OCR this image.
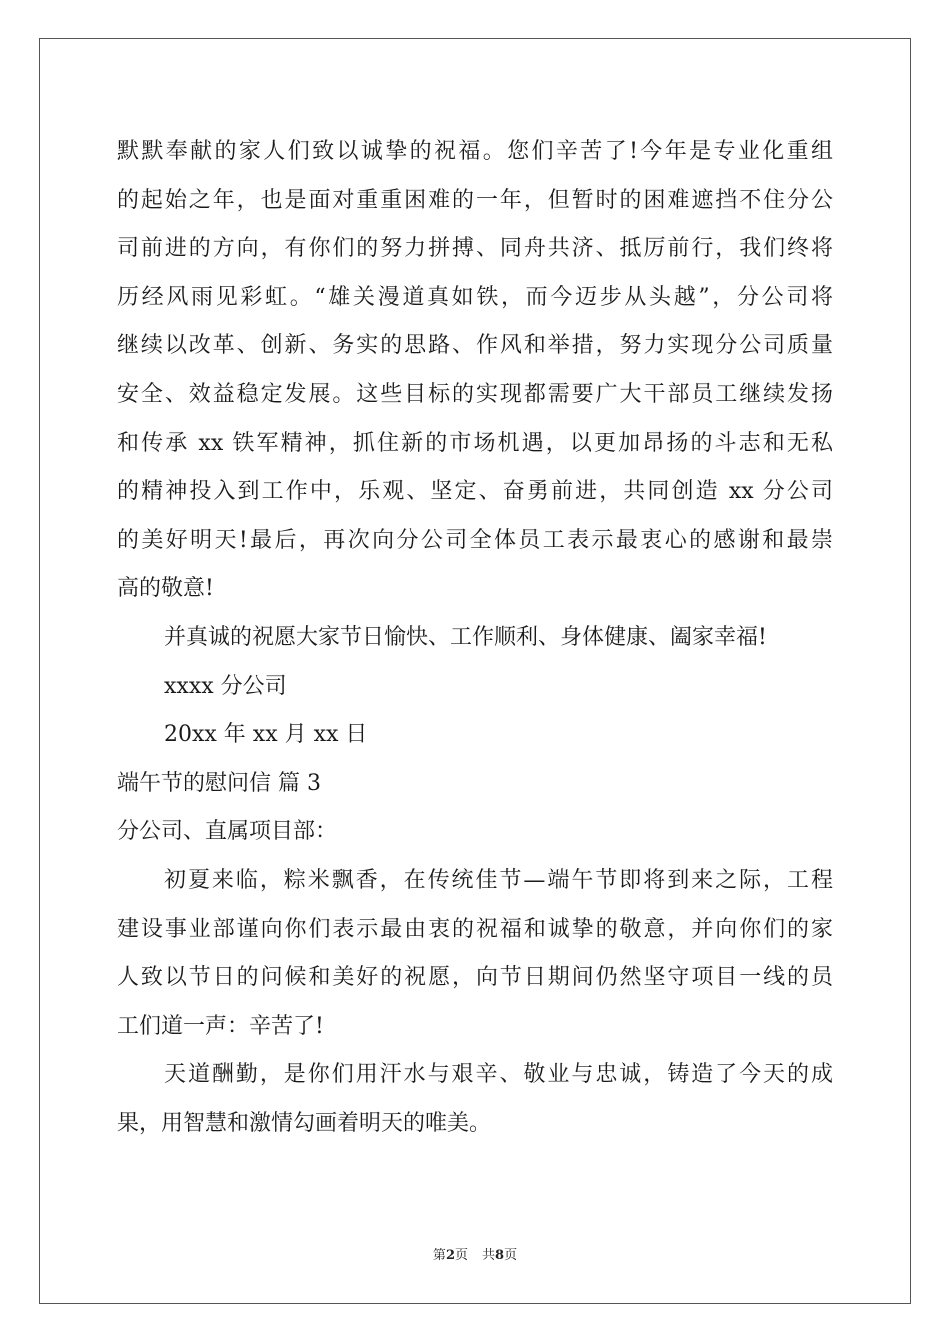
默默奉献的家人们致以诚挚的祝福。您们辛苦了!今年是专业化重组
的起始之年，也是面对重重困难的一年，但暂时的困难遮挡不住分公
司前进的方向，有你们的努力拼搏、同舟共济、抵厉前行，我们终将
历经风雨见彩虹。“雄关漫道真如铁，而今迈步从头越”，分公司将
继续以改革、创新、务实的思路、作风和举措，努力实现分公司质量
安全、效益稳定发展。这些目标的实现都需要广大干部员工继续发扬
和传承 xx 铁军精神，抓住新的市场机遇，以更加昂扬的斗志和无私
的精神投入到工作中，乐观、坚定、奋勇前进，共同创造 xx 分公司
的美好明天!最后，再次向分公司全体员工表示最衷心的感谢和最崇
高的敬意!
并真诚的祝愿大家节日愉快、工作顺利、身体健康、阖家幸福!
xxxx 分公司
20xx 年 xx 月 xx 日
端午节的慰问信 篇 3
分公司、直属项目部：
初夏来临，粽米飘香，在传统佳节—端午节即将到来之际，工程
建设事业部谨向你们表示最由衷的祝福和诚挚的敬意，并向你们的家
人致以节日的问候和美好的祝愿，向节日期间仍然坚守项目一线的员
工们道一声：辛苦了!
天道酬勤，是你们用汗水与艰辛、敬业与忠诚，铸造了今天的成
果，用智慧和激情勾画着明天的唯美。
第2页 共8页
